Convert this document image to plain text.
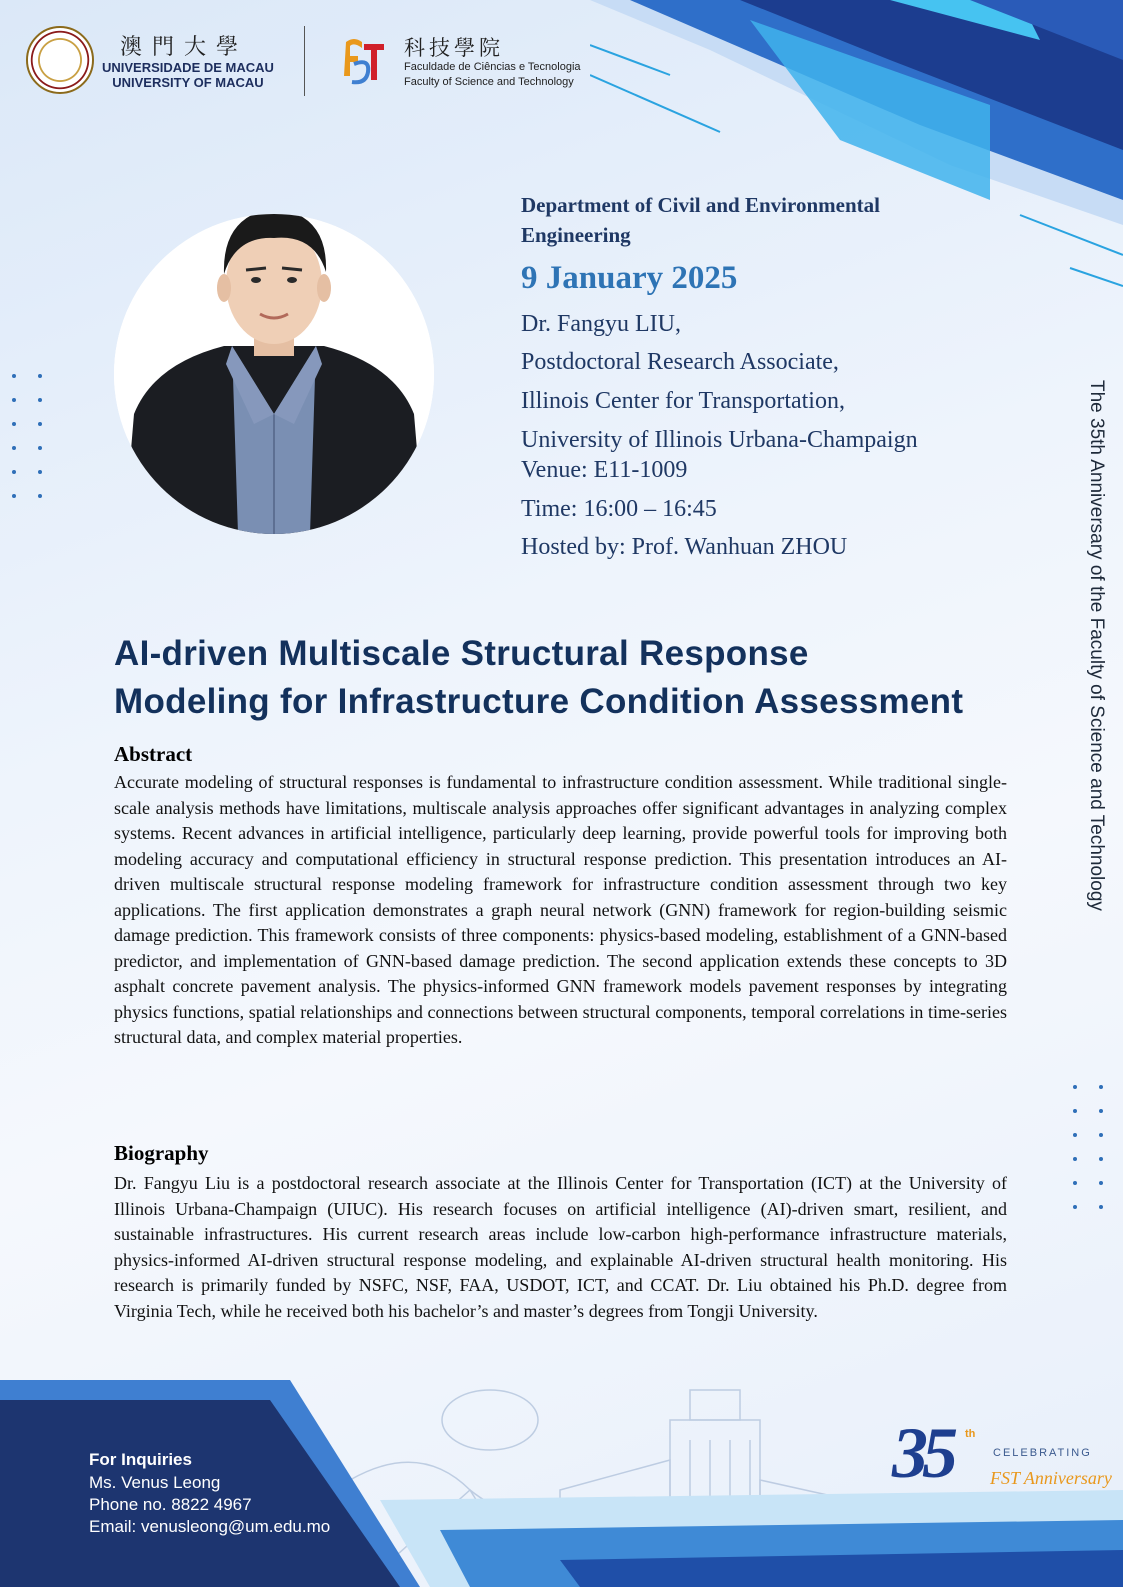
澳門大學
UNIVERSIDADE DE MACAU
UNIVERSITY OF MACAU
科技學院
Faculdade de Ciências e Tecnologia
Faculty of Science and Technology
Department of Civil and Environmental Engineering
9 January 2025
Dr. Fangyu LIU,
Postdoctoral Research Associate,
Illinois Center for Transportation,
University of Illinois Urbana-Champaign
Venue: E11-1009
Time: 16:00 – 16:45
Hosted by: Prof. Wanhuan ZHOU	The 35th Anniversary of the Faculty of Science and Technology
AI-driven Multiscale Structural Response
Modeling for Infrastructure Condition Assessment
Abstract
Accurate modeling of structural responses is fundamental to infrastructure condition assessment. While traditional single-scale analysis methods have limitations, multiscale analysis approaches offer significant advantages in analyzing complex systems. Recent advances in artificial intelligence, particularly deep learning, provide powerful tools for improving both modeling accuracy and computational efficiency in structural response prediction. This presentation introduces an AI-driven multiscale structural response modeling framework for infrastructure condition assessment through two key applications. The first application demonstrates a graph neural network (GNN) framework for region-building seismic damage prediction. This framework consists of three components: physics-based modeling, establishment of a GNN-based predictor, and implementation of GNN-based damage prediction. The second application extends these concepts to 3D asphalt concrete pavement analysis. The physics-informed GNN framework models pavement responses by integrating physics functions, spatial relationships and connections between structural components, temporal correlations in time-series structural data, and complex material properties.
Biography
Dr. Fangyu Liu is a postdoctoral research associate at the Illinois Center for Transportation (ICT) at the University of Illinois Urbana-Champaign (UIUC). His research focuses on artificial intelligence (AI)-driven smart, resilient, and sustainable infrastructures. His current research areas include low-carbon high-performance infrastructure materials, physics-informed AI-driven structural response modeling, and explainable AI-driven structural health monitoring. His research is primarily funded by NSFC, NSF, FAA, USDOT, ICT, and CCAT. Dr. Liu obtained his Ph.D. degree from Virginia Tech, while he received both his bachelor’s and master’s degrees from Tongji University.
For Inquiries
Ms. Venus Leong
Phone no. 8822 4967
Email: venusleong@um.edu.mo
35 th
CELEBRATING
FST Anniversary
